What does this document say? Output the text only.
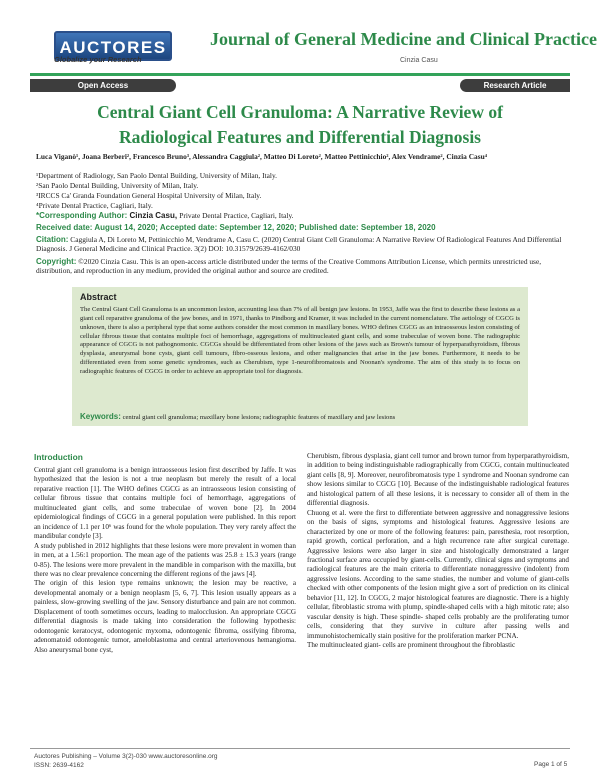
AUCTORES
Globalize your Research
Journal of General Medicine and Clinical Practice
Cinzia Casu
Open Access	Research Article
Central Giant Cell Granuloma: A Narrative Review of Radiological Features and Differential Diagnosis
Luca Viganò¹, Joana Berberi², Francesco Bruno³, Alessandra Caggiula², Matteo Di Loreto², Matteo Pettinicchio², Alex Vendrame², Cinzia Casu⁴
¹Department of Radiology, San Paolo Dental Building, University of Milan, Italy.
²San Paolo Dental Building, University of Milan, Italy.
³IRCCS Ca' Granda Foundation General Hospital University of Milan, Italy.
⁴Private Dental Practice, Cagliari, Italy.
*Corresponding Author: Cinzia Casu, Private Dental Practice, Cagliari, Italy.
Received date: August 14, 2020; Accepted date: September 12, 2020; Published date: September 18, 2020
Citation: Caggiula A, Di Loreto M, Pettinicchio M, Vendrame A, Casu C. (2020) Central Giant Cell Granuloma: A Narrative Review Of Radiological Features And Differential Diagnosis. J General Medicine and Clinical Practice. 3(2) DOI: 10.31579/2639-4162/030
Copyright: ©2020 Cinzia Casu. This is an open-access article distributed under the terms of the Creative Commons Attribution License, which permits unrestricted use, distribution, and reproduction in any medium, provided the original author and source are credited.
Abstract
The Central Giant Cell Granuloma is an uncommon lesion, accounting less than 7% of all benign jaw lesions. In 1953, Jaffe was the first to describe these lesions as a giant cell reparative granuloma of the jaw bones, and in 1971, thanks to Pindborg and Kramer, it was included in the current nomenclature. The aetiology of CGCG is unknown, there is also a peripheral type that some authors consider the most common in maxillary bones. WHO defines CGCG as an intraosseous lesion consisting of cellular fibrous tissue that contains multiple foci of hemorrhage, aggregations of multinucleated giant cells, and some trabeculae of woven bone. The radiographic appearance of CGCG is not pathognomonic. CGCGs should be differentiated from other lesions of the jaws such as Brown's tumour of hyperparathyroidism, fibrous dysplasia, aneurysmal bone cysts, giant cell tumours, fibro-osseous lesions, and other malignancies that arise in the jaw bones. Furthermore, it needs to be differentiated even from some genetic syndromes, such as Cherubism, type 1-neurofibromatosis and Noonan's syndrome. The aim of this study is to focus on radiographic features of CGCG in order to achieve an appropriate tool for diagnosis.
Keywords: central giant cell granuloma; maxillary bone lesions; radiographic features of maxillary and jaw lesions
Introduction

Central giant cell granuloma is a benign intraosseous lesion first described by Jaffe. It was hypothesized that the lesion is not a true neoplasm but merely the result of a local reparative reaction [1]. The WHO defines CGCG as an intraosseous lesion consisting of cellular fibrous tissue that contains multiple foci of hemorrhage, aggregations of multinucleated giant cells, and some trabeculae of woven bone [2]. In 2004 epidemiological findings of CGCG in a general population were published. In this report an incidence of 1.1 per 10⁶ was found for the whole population. They very rarely affect the mandibular condyle [3].

A study published in 2012 highlights that these lesions were more prevalent in women than in men, at a 1.56:1 proportion. The mean age of the patients was 25.8 ± 15.3 years (range 0-85). The lesions were more prevalent in the mandible in comparison with the maxilla, but there was no clear prevalence concerning the different regions of the jaws [4].

The origin of this lesion type remains unknown; the lesion may be reactive, a developmental anomaly or a benign neoplasm [5, 6, 7]. This lesion usually appears as a painless, slow-growing swelling of the jaw. Sensory disturbance and pain are not common. Displacement of tooth sometimes occurs, leading to malocclusion. An appropriate CGCG differential diagnosis is made taking into consideration the following hypothesis: odontogenic keratocyst, odontogenic myxoma, odontogenic fibroma, ossifying fibroma, adenomatoid odontogenic tumor, ameloblastoma and central arteriovenous hemangioma. Also aneurysmal bone cyst,

Cherubism, fibrous dysplasia, giant cell tumor and brown tumor from hyperparathyroidism, in addition to being indistinguishable radiographically from CGCG, contain multinucleated giant cells [8, 9]. Moreover, neurofibromatosis type 1 syndrome and Noonan syndrome can show lesions similar to CGCG [10]. Because of the indistinguishable radiological features and histological pattern of all these lesions, it is necessary to consider all of them in the differential diagnosis.

Chuong et al. were the first to differentiate between aggressive and nonaggressive lesions on the basis of signs, symptoms and histological features. Aggressive lesions are characterized by one or more of the following features: pain, paresthesia, root resorption, rapid growth, cortical perforation, and a high recurrence rate after surgical curettage. Aggressive lesions were also larger in size and histologically demonstrated a larger fractional surface area occupied by giant-cells. Currently, clinical signs and symptoms and radiological features are the main criteria to differentiate nonaggressive (indolent) from aggressive lesions. According to the same studies, the number and volume of giant-cells checked with other components of the lesion might give a sort of prediction on its clinical behavior [11, 12]. In CGCG, 2 major histological features are diagnostic. There is a highly cellular, fibroblastic stroma with plump, spindle-shaped cells with a high mitotic rate; also vascular density is high. These spindle- shaped cells probably are the proliferating tumor cells, considering that they survive in culture after passing wells and immunohistochemically stain positive for the proliferation marker PCNA.

The multinucleated giant- cells are prominent throughout the fibroblastic

Auctores Publishing – Volume 3(2)-030 www.auctoresonline.org
ISSN: 2639-4162	Page 1 of 5
